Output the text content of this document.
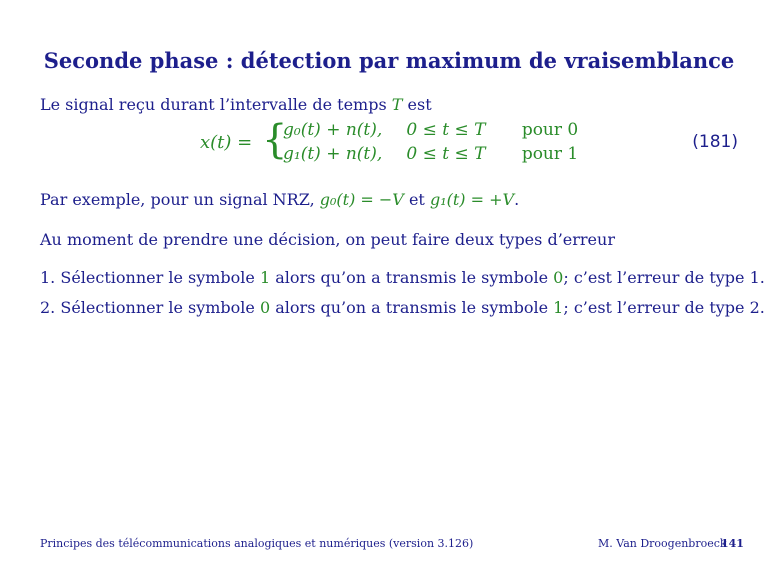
Seconde phase : détection par maximum de vraisemblance
Le signal reçu durant l’intervalle de temps T est
x(t) = {
g₀(t) + n(t), 0 ≤ t ≤ T pour 0
g₁(t) + n(t), 0 ≤ t ≤ T pour 1
(181)
Par exemple, pour un signal NRZ, g₀(t) = −V et g₁(t) = +V.
Au moment de prendre une décision, on peut faire deux types d’erreur
1. Sélectionner le symbole 1 alors qu’on a transmis le symbole 0; c’est l’erreur de type 1.
2. Sélectionner le symbole 0 alors qu’on a transmis le symbole 1; c’est l’erreur de type 2.
Principes des télécommunications analogiques et numériques (version 3.126)	M. Van Droogenbroeck
141
